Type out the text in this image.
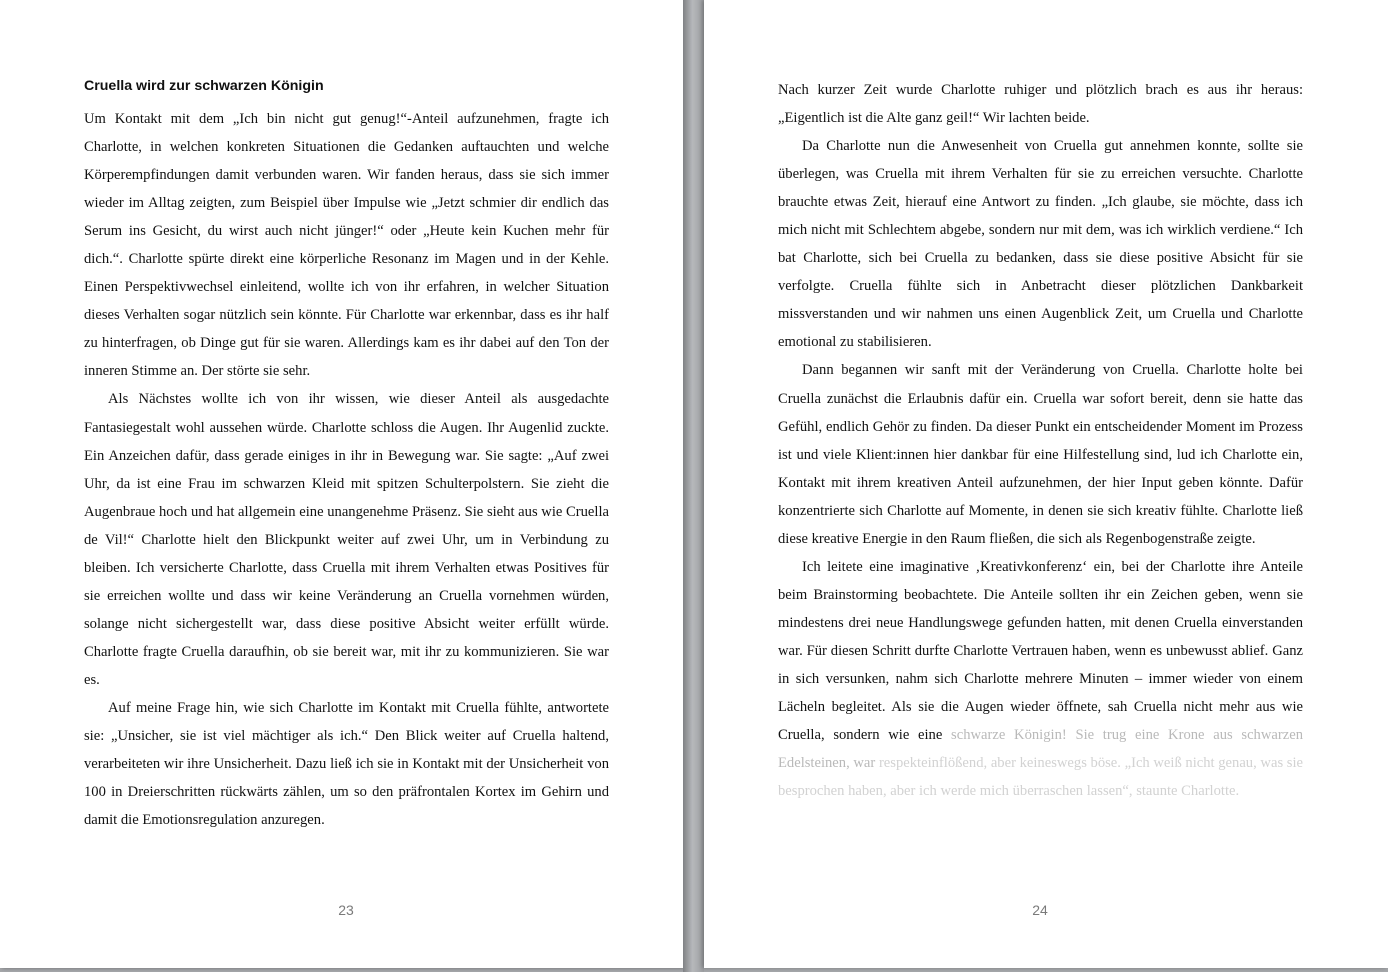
Cruella wird zur schwarzen Königin

Um Kontakt mit dem „Ich bin nicht gut genug!“-Anteil aufzunehmen, fragte ich Charlotte, in welchen konkreten Situationen die Gedanken auftauchten und welche Körperempfindungen damit verbunden waren. Wir fanden heraus, dass sie sich immer wieder im Alltag zeigten, zum Beispiel über Impulse wie „Jetzt schmier dir endlich das Serum ins Gesicht, du wirst auch nicht jünger!“ oder „Heute kein Kuchen mehr für dich.“. Charlotte spürte direkt eine körperliche Resonanz im Magen und in der Kehle. Einen Perspektivwechsel einleitend, wollte ich von ihr erfahren, in welcher Situation dieses Verhalten sogar nützlich sein könnte. Für Charlotte war erkennbar, dass es ihr half zu hinterfragen, ob Dinge gut für sie waren. Allerdings kam es ihr dabei auf den Ton der inneren Stimme an. Der störte sie sehr.

Als Nächstes wollte ich von ihr wissen, wie dieser Anteil als ausgedachte Fantasiegestalt wohl aussehen würde. Charlotte schloss die Augen. Ihr Augenlid zuckte. Ein Anzeichen dafür, dass gerade einiges in ihr in Bewegung war. Sie sagte: „Auf zwei Uhr, da ist eine Frau im schwarzen Kleid mit spitzen Schulterpolstern. Sie zieht die Augenbraue hoch und hat allgemein eine unangenehme Präsenz. Sie sieht aus wie Cruella de Vil!“ Charlotte hielt den Blickpunkt weiter auf zwei Uhr, um in Verbindung zu bleiben. Ich versicherte Charlotte, dass Cruella mit ihrem Verhalten etwas Positives für sie erreichen wollte und dass wir keine Veränderung an Cruella vornehmen würden, solange nicht sichergestellt war, dass diese positive Absicht weiter erfüllt würde. Charlotte fragte Cruella daraufhin, ob sie bereit war, mit ihr zu kommunizieren. Sie war es.

Auf meine Frage hin, wie sich Charlotte im Kontakt mit Cruella fühlte, antwortete sie: „Unsicher, sie ist viel mächtiger als ich.“ Den Blick weiter auf Cruella haltend, verarbeiteten wir ihre Unsicherheit. Dazu ließ ich sie in Kontakt mit der Unsicherheit von 100 in Dreierschritten rückwärts zählen, um so den präfrontalen Kortex im Gehirn und damit die Emotionsregulation anzuregen.

23

Nach kurzer Zeit wurde Charlotte ruhiger und plötzlich brach es aus ihr heraus: „Eigentlich ist die Alte ganz geil!“ Wir lachten beide.

Da Charlotte nun die Anwesenheit von Cruella gut annehmen konnte, sollte sie überlegen, was Cruella mit ihrem Verhalten für sie zu erreichen versuchte. Charlotte brauchte etwas Zeit, hierauf eine Antwort zu finden. „Ich glaube, sie möchte, dass ich mich nicht mit Schlechtem abgebe, sondern nur mit dem, was ich wirklich verdiene.“ Ich bat Charlotte, sich bei Cruella zu bedanken, dass sie diese positive Absicht für sie verfolgte. Cruella fühlte sich in Anbetracht dieser plötzlichen Dankbarkeit missverstanden und wir nahmen uns einen Augenblick Zeit, um Cruella und Charlotte emotional zu stabilisieren.

Dann begannen wir sanft mit der Veränderung von Cruella. Charlotte holte bei Cruella zunächst die Erlaubnis dafür ein. Cruella war sofort bereit, denn sie hatte das Gefühl, endlich Gehör zu finden. Da dieser Punkt ein entscheidender Moment im Prozess ist und viele Klient:innen hier dankbar für eine Hilfestellung sind, lud ich Charlotte ein, Kontakt mit ihrem kreativen Anteil aufzunehmen, der hier Input geben könnte. Dafür konzentrierte sich Charlotte auf Momente, in denen sie sich kreativ fühlte. Charlotte ließ diese kreative Energie in den Raum fließen, die sich als Regenbogenstraße zeigte.

Ich leitete eine imaginative ‚Kreativkonferenz‘ ein, bei der Charlotte ihre Anteile beim Brainstorming beobachtete. Die Anteile sollten ihr ein Zeichen geben, wenn sie mindestens drei neue Handlungswege gefunden hatten, mit denen Cruella einverstanden war. Für diesen Schritt durfte Charlotte Vertrauen haben, wenn es unbewusst ablief. Ganz in sich versunken, nahm sich Charlotte mehrere Minuten – immer wieder von einem Lächeln begleitet. Als sie die Augen wieder öffnete, sah Cruella nicht mehr aus wie Cruella, sondern wie eine schwarze Königin! Sie trug eine Krone aus schwarzen Edelsteinen, war respekteinflößend, aber keineswegs böse. „Ich weiß nicht genau, was sie besprochen haben, aber ich werde mich überraschen lassen“, staunte Charlotte.

24
